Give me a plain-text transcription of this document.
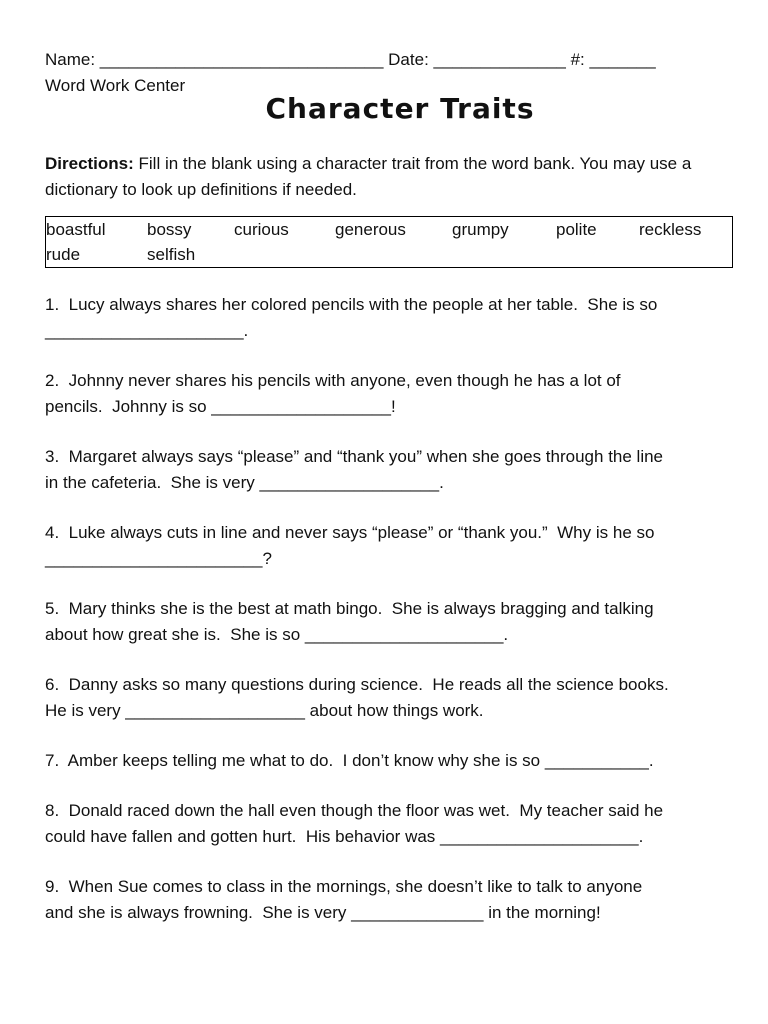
Name: ______________________________ Date: ______________ #: _______
Word Work Center
Character Traits
Directions: Fill in the blank using a character trait from the word bank. You may use a dictionary to look up definitions if needed.
boastful bossy	curious	generous	grumpy	polite reckless
rude	selfish
1.  Lucy always shares her colored pencils with the people at her table.  She is so
_____________________.
2.  Johnny never shares his pencils with anyone, even though he has a lot of
pencils.  Johnny is so ___________________!
3.  Margaret always says “please” and “thank you” when she goes through the line
in the cafeteria.  She is very ___________________.
4.  Luke always cuts in line and never says “please” or “thank you.”  Why is he so
_______________________?
5.  Mary thinks she is the best at math bingo.  She is always bragging and talking
about how great she is.  She is so _____________________.
6.  Danny asks so many questions during science.  He reads all the science books.
He is very ___________________ about how things work.
7.  Amber keeps telling me what to do.  I don’t know why she is so ___________.
8.  Donald raced down the hall even though the floor was wet.  My teacher said he
could have fallen and gotten hurt.  His behavior was _____________________.
9.  When Sue comes to class in the mornings, she doesn’t like to talk to anyone
and she is always frowning.  She is very ______________ in the morning!
